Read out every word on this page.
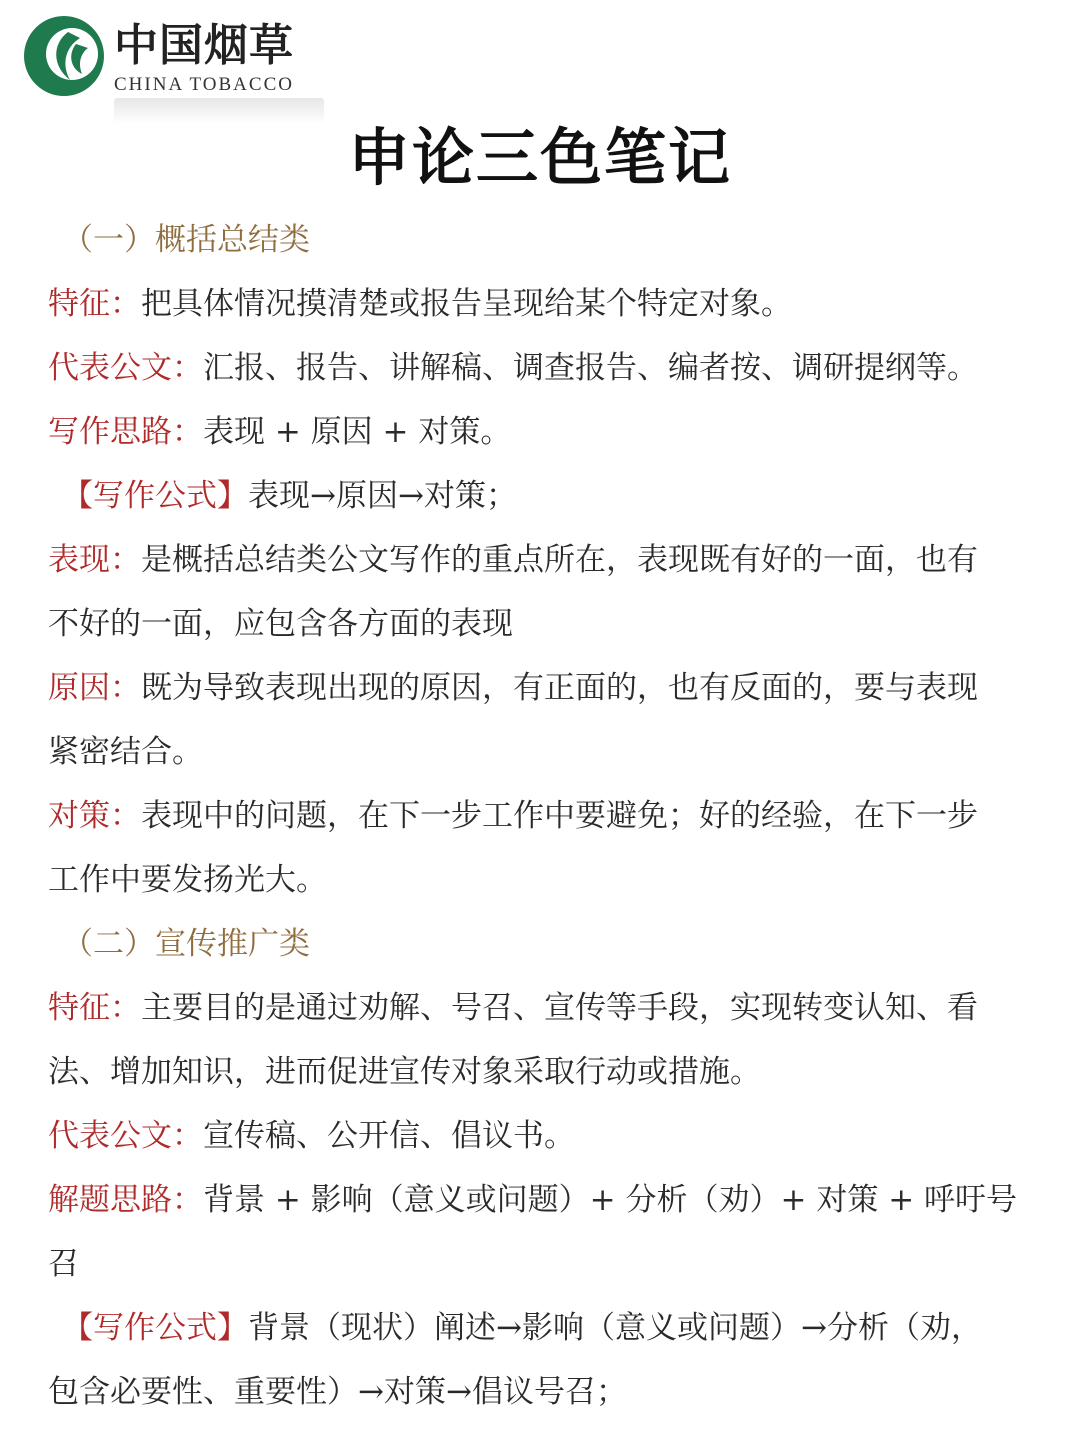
中国烟草
CHINA TOBACCO
申论三色笔记
（一）概括总结类
特征：把具体情况摸清楚或报告呈现给某个特定对象。
代表公文：汇报、报告、讲解稿、调查报告、编者按、调研提纲等。
写作思路：表现 + 原因 + 对策。
【写作公式】表现→原因→对策；
表现：是概括总结类公文写作的重点所在，表现既有好的一面，也有
不好的一面，应包含各方面的表现
原因：既为导致表现出现的原因，有正面的，也有反面的，要与表现
紧密结合。
对策：表现中的问题，在下一步工作中要避免；好的经验，在下一步
工作中要发扬光大。
（二）宣传推广类
特征：主要目的是通过劝解、号召、宣传等手段，实现转变认知、看
法、增加知识，进而促进宣传对象采取行动或措施。
代表公文：宣传稿、公开信、倡议书。
解题思路：背景 + 影响（意义或问题）+ 分析（劝）+ 对策 + 呼吁号
召
【写作公式】背景（现状）阐述→影响（意义或问题）→分析（劝，
包含必要性、重要性）→对策→倡议号召；
